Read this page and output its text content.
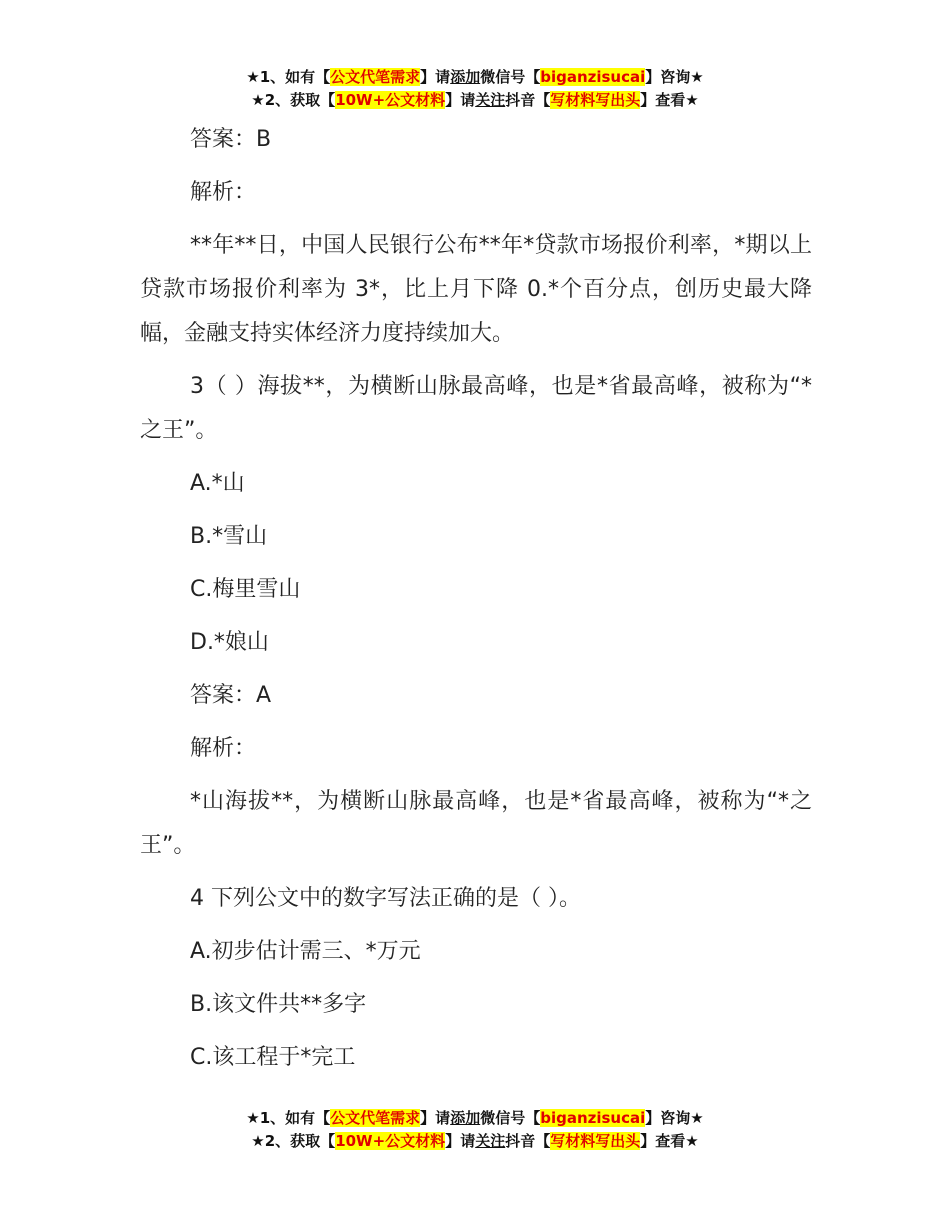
★1、如有【公文代笔需求】请添加微信号【biganzisucai】咨询★
★2、获取【10W+公文材料】请关注抖音【写材料写出头】查看★

答案：B

解析：

**年**日，中国人民银行公布**年*贷款市场报价利率，*期以上贷款市场报价利率为 3*，比上月下降 0.*个百分点，创历史最大降幅，金融支持实体经济力度持续加大。

3（ ）海拔**，为横断山脉最高峰，也是*省最高峰，被称为“*之王”。

A.*山

B.*雪山

C.梅里雪山

D.*娘山

答案：A

解析：

*山海拔**，为横断山脉最高峰，也是*省最高峰，被称为“*之王”。

4 下列公文中的数字写法正确的是（ ）。

A.初步估计需三、*万元

B.该文件共**多字

C.该工程于*完工

★1、如有【公文代笔需求】请添加微信号【biganzisucai】咨询★
★2、获取【10W+公文材料】请关注抖音【写材料写出头】查看★
